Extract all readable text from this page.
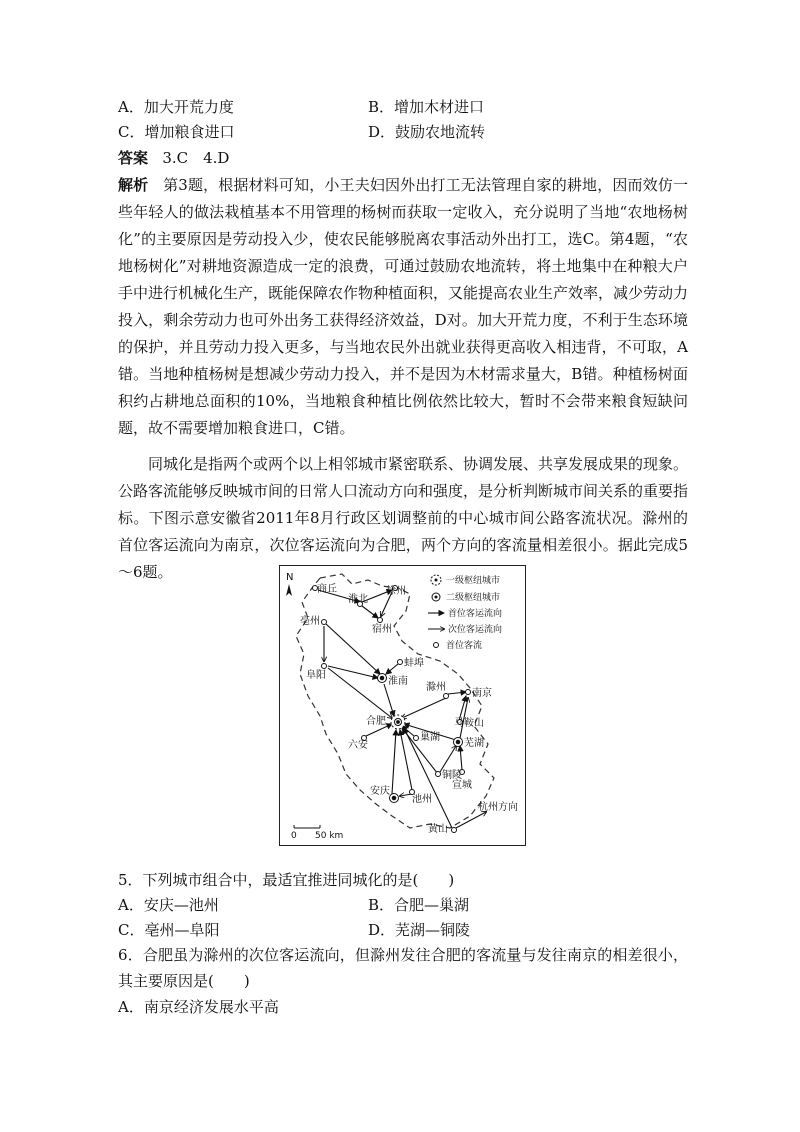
A．加大开荒力度	B．增加木材进口
C．增加粮食进口	D．鼓励农地流转
答案 3.C　4.D
解析 第3题，根据材料可知，小王夫妇因外出打工无法管理自家的耕地，因而效仿一些年轻人的做法栽植基本不用管理的杨树而获取一定收入，充分说明了当地“农地杨树化”的主要原因是劳动投入少，使农民能够脱离农事活动外出打工，选C。第4题，“农地杨树化”对耕地资源造成一定的浪费，可通过鼓励农地流转，将土地集中在种粮大户手中进行机械化生产，既能保障农作物种植面积，又能提高农业生产效率，减少劳动力投入，剩余劳动力也可外出务工获得经济效益，D对。加大开荒力度，不利于生态环境的保护，并且劳动力投入更多，与当地农民外出就业获得更高收入相违背，不可取，A错。当地种植杨树是想减少劳动力投入，并不是因为木材需求量大，B错。种植杨树面积约占耕地总面积的10%，当地粮食种植比例依然比较大，暂时不会带来粮食短缺问题，故不需要增加粮食进口，C错。
同城化是指两个或两个以上相邻城市紧密联系、协调发展、共享发展成果的现象。公路客流能够反映城市间的日常人口流动方向和强度，是分析判断城市间关系的重要指标。下图示意安徽省2011年8月行政区划调整前的中心城市间公路客流状况。滁州的首位客运流向为南京，次位客运流向为合肥，两个方向的客流量相差很小。据此完成5～6题。	N
商丘	徐州
淮北
宿州
亳州
蚌埠
阜阳
淮南
滁州
南京
合肥	马鞍山
六安
巢湖
芜湖
铜陵
宣城
安庆
池州
黄山
杭州方向
一级枢纽城市
二级枢纽城市
首位客运流向
次位客运流向
首位客流
0 50 km
5．下列城市组合中，最适宜推进同城化的是(　　)
A．安庆—池州	B．合肥—巢湖
C．亳州—阜阳	D．芜湖—铜陵
6．合肥虽为滁州的次位客运流向，但滁州发往合肥的客流量与发往南京的相差很小，其主要原因是(　　)
A．南京经济发展水平高
